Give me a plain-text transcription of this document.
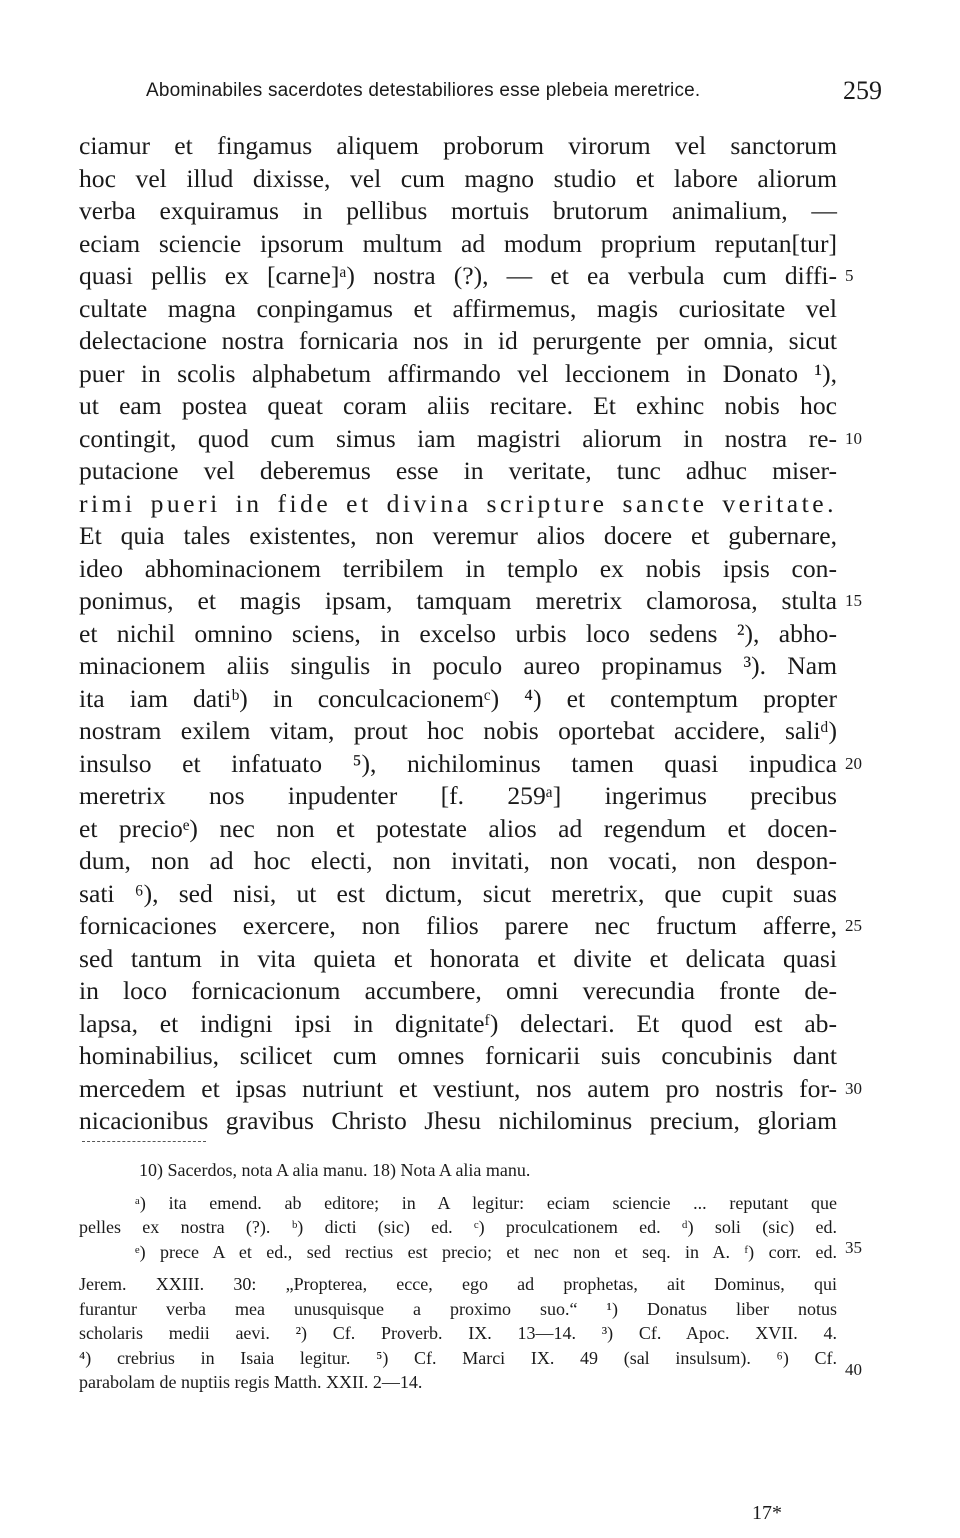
Abominabiles sacerdotes detestabiliores esse plebeia meretrice.	259
ciamur et fingamus aliquem proborum virorum vel sanctorum
hoc vel illud dixisse, vel cum magno studio et labore aliorum
verba exquiramus in pellibus mortuis brutorum animalium, —
eciam sciencie ipsorum multum ad modum proprium reputan[tur]
quasi pellis ex [carne]ᵃ) nostra (?), — et ea verbula cum diffi-
cultate magna conpingamus et affirmemus, magis curiositate vel
delectacione nostra fornicaria nos in id perurgente per omnia, sicut
puer in scolis alphabetum affirmando vel leccionem in Donato ¹),
ut eam postea queat coram aliis recitare. Et exhinc nobis hoc
contingit, quod cum simus iam magistri aliorum in nostra re-
putacione vel deberemus esse in veritate, tunc adhuc miser-
rimi pueri in fide et divina scripture sancte veritate.
Et quia tales existentes, non veremur alios docere et gubernare,
ideo abhominacionem terribilem in templo ex nobis ipsis con-
ponimus, et magis ipsam, tamquam meretrix clamorosa, stulta
et nichil omnino sciens, in excelso urbis loco sedens ²), abho-
minacionem aliis singulis in poculo aureo propinamus ³). Nam
ita iam datiᵇ) in conculcacionemᶜ) ⁴) et contemptum propter
nostram exilem vitam, prout hoc nobis oportebat accidere, saliᵈ)
insulso et infatuato ⁵), nichilominus tamen quasi inpudica
meretrix nos inpudenter [f. 259ᵃ] ingerimus precibus
et precioᵉ) nec non et potestate alios ad regendum et docen-
dum, non ad hoc electi, non invitati, non vocati, non despon-
sati ⁶), sed nisi, ut est dictum, sicut meretrix, que cupit suas
fornicaciones exercere, non filios parere nec fructum afferre,
sed tantum in vita quieta et honorata et divite et delicata quasi
in loco fornicacionum accumbere, omni verecundia fronte de-
lapsa, et indigni ipsi in dignitateᶠ) delectari. Et quod est ab-
hominabilius, scilicet cum omnes fornicarii suis concubinis dant
mercedem et ipsas nutriunt et vestiunt, nos autem pro nostris for-
nicacionibus gravibus Christo Jhesu nichilominus precium, gloriam
5
10
15
20
25
30
10) Sacerdos, nota A alia manu. 18) Nota A alia manu.
ᵃ) ita emend. ab editore; in A legitur: eciam sciencie ... reputant que
pelles ex nostra (?). ᵇ) dicti (sic) ed. ᶜ) proculcationem ed. ᵈ) soli (sic) ed.
ᵉ) prece A et ed., sed rectius est precio; et nec non et seq. in A. ᶠ) corr. ed.
Jerem. XXIII. 30: „Propterea, ecce, ego ad prophetas, ait Dominus, qui
furantur verba mea unusquisque a proximo suo.“ ¹) Donatus liber notus
scholaris medii aevi. ²) Cf. Proverb. IX. 13—14. ³) Cf. Apoc. XVII. 4.
⁴) crebrius in Isaia legitur. ⁵) Cf. Marci IX. 49 (sal insulsum). ⁶) Cf.
parabolam de nuptiis regis Matth. XXII. 2—14.
35
40
17*
